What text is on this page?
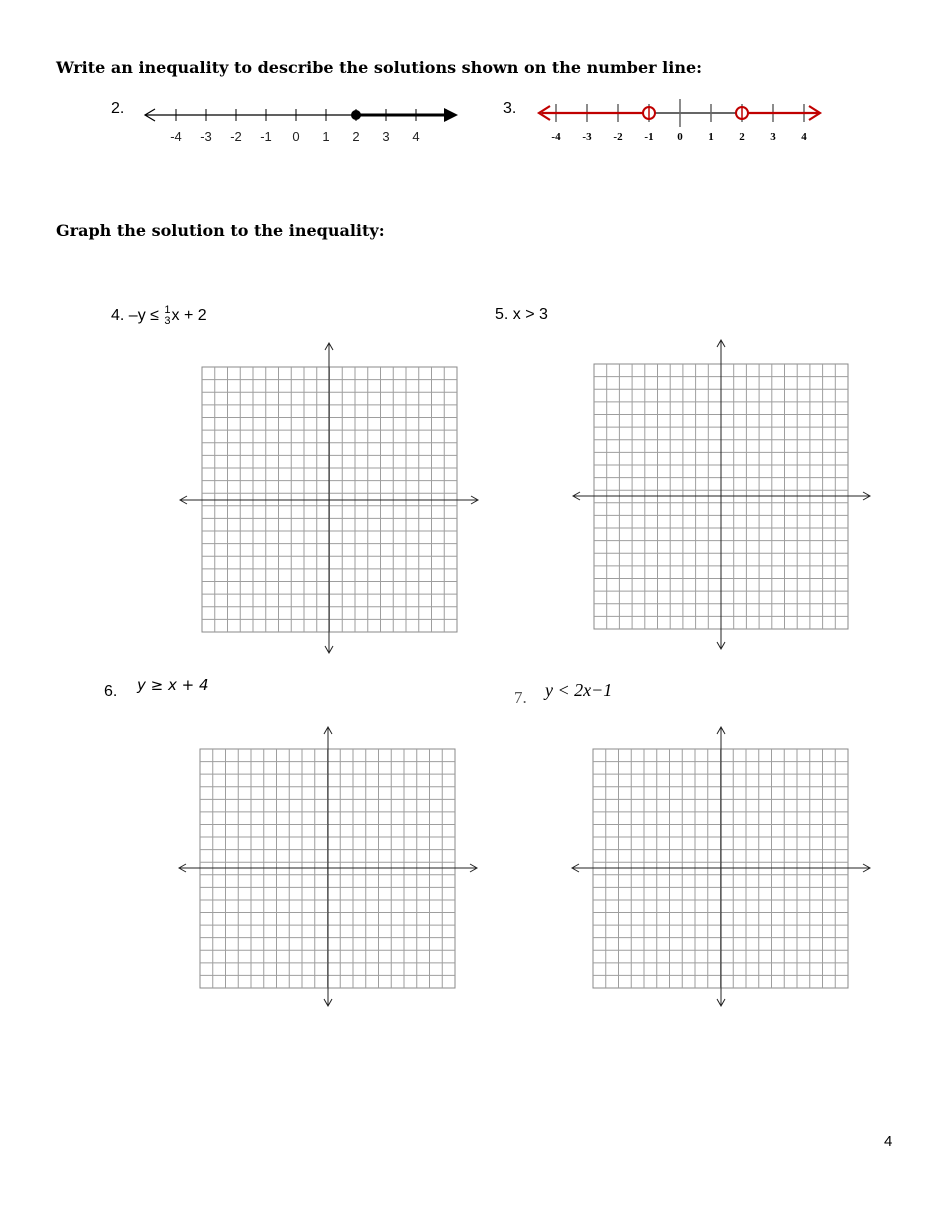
Write an inequality to describe the solutions shown on the number line:
Graph the solution to the inequality:
2.
-4 -3 -2 -1 0 1 2 3 4
3.
-4 -3 -2 -1 0 1 2 3 4
4. –y ≤ 1
3 x + 2	5. x > 3
6. y ≥ x + 4
7. y < 2x−1
4
